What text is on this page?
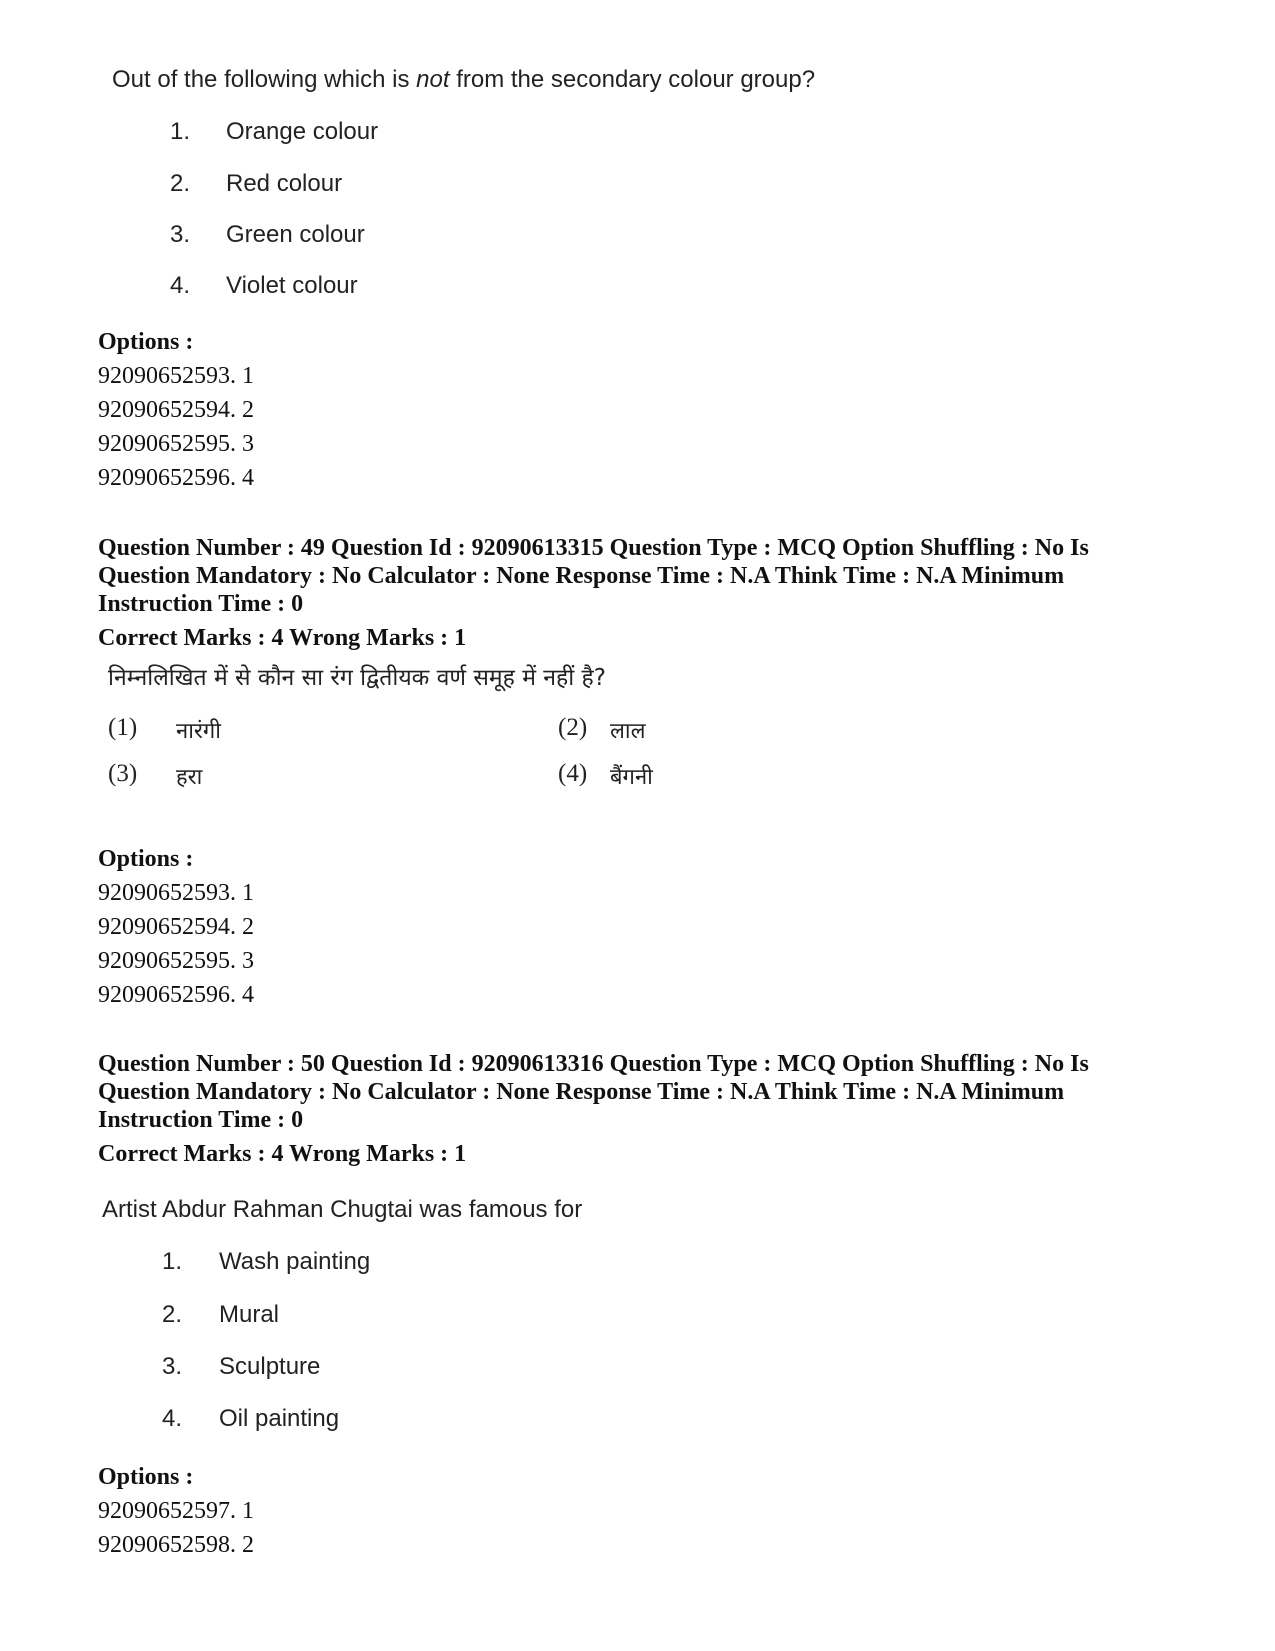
Out of the following which is not from the secondary colour group?

1. Orange colour
2. Red colour
3. Green colour
4. Violet colour
Options :
92090652593. 1
92090652594. 2
92090652595. 3
92090652596. 4
Question Number : 49 Question Id : 92090613315 Question Type : MCQ Option Shuffling : No Is
Question Mandatory : No Calculator : None Response Time : N.A Think Time : N.A Minimum
Instruction Time : 0
Correct Marks : 4 Wrong Marks : 1
निम्नलिखित में से कौन सा रंग द्वितीयक वर्ण समूह में नहीं है?
(1) नारंगी	(2) लाल
(3) हरा	(4) बैंगनी
Options :
92090652593. 1
92090652594. 2
92090652595. 3
92090652596. 4
Question Number : 50 Question Id : 92090613316 Question Type : MCQ Option Shuffling : No Is
Question Mandatory : No Calculator : None Response Time : N.A Think Time : N.A Minimum
Instruction Time : 0
Correct Marks : 4 Wrong Marks : 1

Artist Abdur Rahman Chugtai was famous for

1. Wash painting
2. Mural
3. Sculpture
4. Oil painting
Options :
92090652597. 1
92090652598. 2
